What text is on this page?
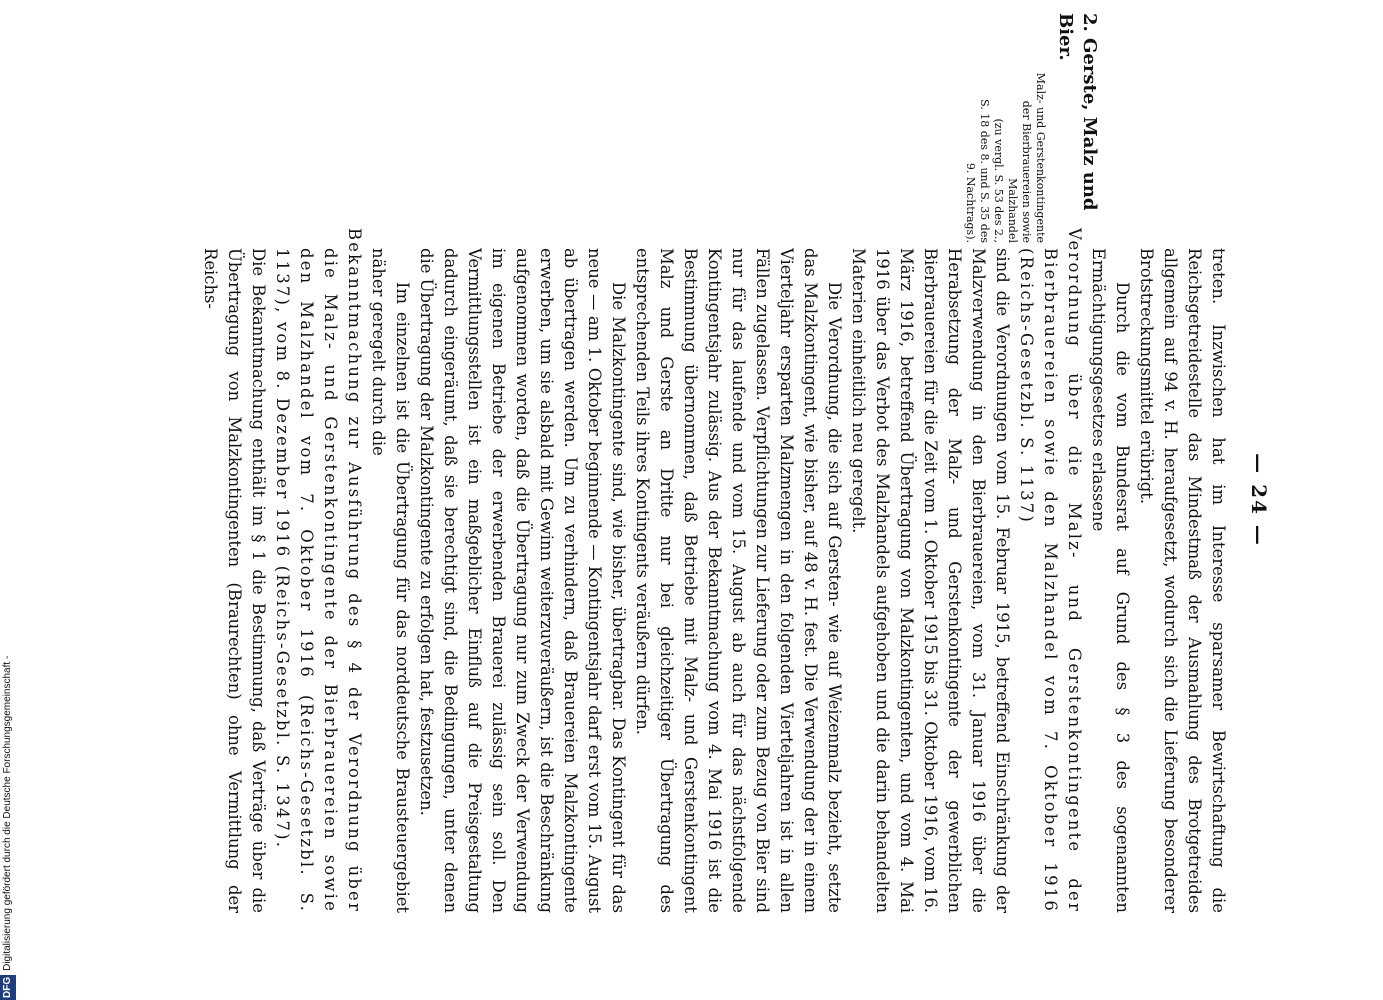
— 24 —
2. Gerste, Malz und Bier.
Malz- und Gerstenkontingente
der Bierbrauereien sowie
Malzhandel
(zu vergl. S. 53 des 2.,
S. 18 des 8. und S. 35 des
9. Nachtrags).

treten. Inzwischen hat im Interesse sparsamer Bewirtschaftung die Reichsgetreidestelle das Mindestmaß der Ausmahlung des Brotgetreides allgemein auf 94 v. H. heraufgesetzt, wodurch sich die Lieferung besonderer Brotstreckungsmittel erübrigt.

Durch die vom Bundesrat auf Grund des § 3 des sogenannten Ermächtigungsgesetzes erlassene

Verordnung über die Malz- und Gerstenkontingente der Bierbrauereien sowie den Malzhandel vom 7. Oktober 1916 (Reichs-Gesetzbl. S. 1137)

sind die Verordnungen vom 15. Februar 1915, betreffend Einschränkung der Malzverwendung in den Bierbrauereien, vom 31. Januar 1916 über die Herabsetzung der Malz- und Gerstenkontingente der gewerblichen Bierbrauereien für die Zeit vom 1. Oktober 1915 bis 31. Oktober 1916, vom 16. März 1916, betreffend Übertragung von Malzkontingenten, und vom 4. Mai 1916 über das Verbot des Malzhandels aufgehoben und die darin behandelten Materien einheitlich neu geregelt.

Die Verordnung, die sich auf Gersten- wie auf Weizenmalz bezieht, setzte das Malzkontingent, wie bisher, auf 48 v. H. fest. Die Verwendung der in einem Vierteljahr ersparten Malzmengen in den folgenden Vierteljahren ist in allen Fällen zugelassen. Verpflichtungen zur Lieferung oder zum Bezug von Bier sind nur für das laufende und vom 15. August ab auch für das nächstfolgende Kontingentsjahr zulässig. Aus der Bekanntmachung vom 4. Mai 1916 ist die Bestimmung übernommen, daß Betriebe mit Malz- und Gerstenkontingent Malz und Gerste an Dritte nur bei gleichzeitiger Übertragung des entsprechenden Teils ihres Kontingents veräußern dürfen.

Die Malzkontingente sind, wie bisher, übertragbar. Das Kontingent für das neue — am 1. Oktober beginnende — Kontingentsjahr darf erst vom 15. August ab übertragen werden. Um zu verhindern, daß Brauereien Malzkontingente erwerben, um sie alsbald mit Gewinn weiterzuveräußern, ist die Beschränkung aufgenommen worden, daß die Übertragung nur zum Zweck der Verwendung im eigenen Betriebe der erwerbenden Brauerei zulässig sein soll. Den Vermittlungsstellen ist ein maßgeblicher Einfluß auf die Preisgestaltung dadurch eingeräumt, daß sie berechtigt sind, die Bedingungen, unter denen die Übertragung der Malzkontingente zu erfolgen hat, festzusetzen.

Im einzelnen ist die Übertragung für das norddeutsche Brausteuergebiet näher geregelt durch die

Bekanntmachung zur Ausführung des § 4 der Verordnung über die Malz- und Gerstenkontingente der Bierbrauereien sowie den Malzhandel vom 7. Oktober 1916 (Reichs-Gesetzbl. S. 1137), vom 8. Dezember 1916 (Reichs-Gesetzbl. S. 1347).

Die Bekanntmachung enthält im § 1 die Bestimmung, daß Verträge über die Übertragung von Malzkontingenten (Braurechten) ohne Vermittlung der Reichs-

DFGDigitalisierung gefördert durch die Deutsche Forschungsgemeinschaft -
